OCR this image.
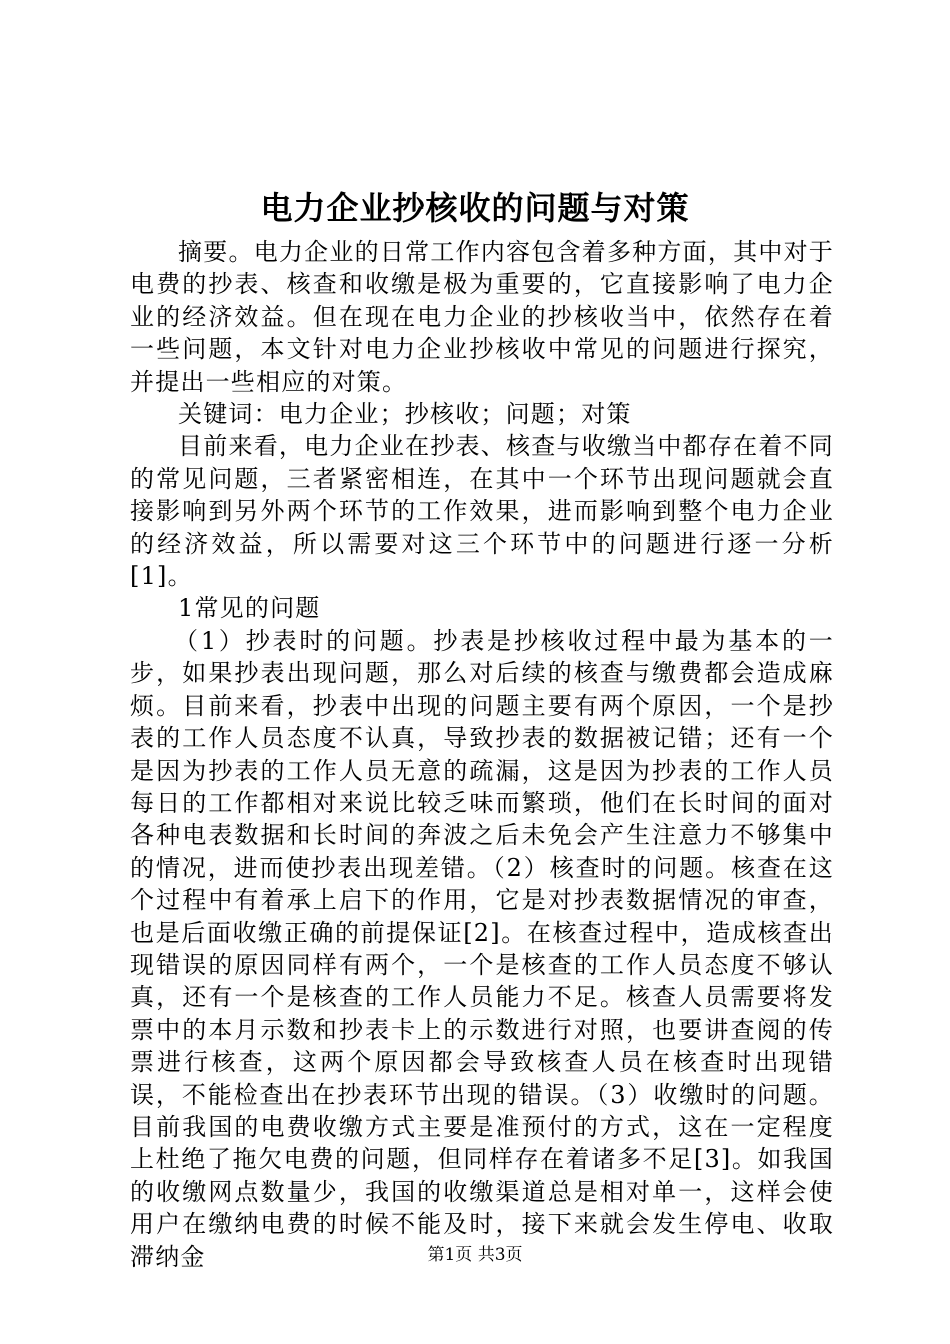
电力企业抄核收的问题与对策

摘要。电力企业的日常工作内容包含着多种方面，其中对于电费的抄表、核查和收缴是极为重要的，它直接影响了电力企业的经济效益。但在现在电力企业的抄核收当中，依然存在着一些问题，本文针对电力企业抄核收中常见的问题进行探究，并提出一些相应的对策。

关键词：电力企业；抄核收；问题；对策

目前来看，电力企业在抄表、核查与收缴当中都存在着不同的常见问题，三者紧密相连，在其中一个环节出现问题就会直接影响到另外两个环节的工作效果，进而影响到整个电力企业的经济效益，所以需要对这三个环节中的问题进行逐一分析[1]。

1常见的问题

（1）抄表时的问题。抄表是抄核收过程中最为基本的一步，如果抄表出现问题，那么对后续的核查与缴费都会造成麻烦。目前来看，抄表中出现的问题主要有两个原因，一个是抄表的工作人员态度不认真，导致抄表的数据被记错；还有一个是因为抄表的工作人员无意的疏漏，这是因为抄表的工作人员每日的工作都相对来说比较乏味而繁琐，他们在长时间的面对各种电表数据和长时间的奔波之后未免会产生注意力不够集中的情况，进而使抄表出现差错。（2）核查时的问题。核查在这个过程中有着承上启下的作用，它是对抄表数据情况的审查，也是后面收缴正确的前提保证[2]。在核查过程中，造成核查出现错误的原因同样有两个，一个是核查的工作人员态度不够认真，还有一个是核查的工作人员能力不足。核查人员需要将发票中的本月示数和抄表卡上的示数进行对照，也要讲查阅的传票进行核查，这两个原因都会导致核查人员在核查时出现错误，不能检查出在抄表环节出现的错误。（3）收缴时的问题。目前我国的电费收缴方式主要是准预付的方式，这在一定程度上杜绝了拖欠电费的问题，但同样存在着诸多不足[3]。如我国的收缴网点数量少，我国的收缴渠道总是相对单一，这样会使用户在缴纳电费的时候不能及时，接下来就会发生停电、收取滞纳金	第1页 共3页
